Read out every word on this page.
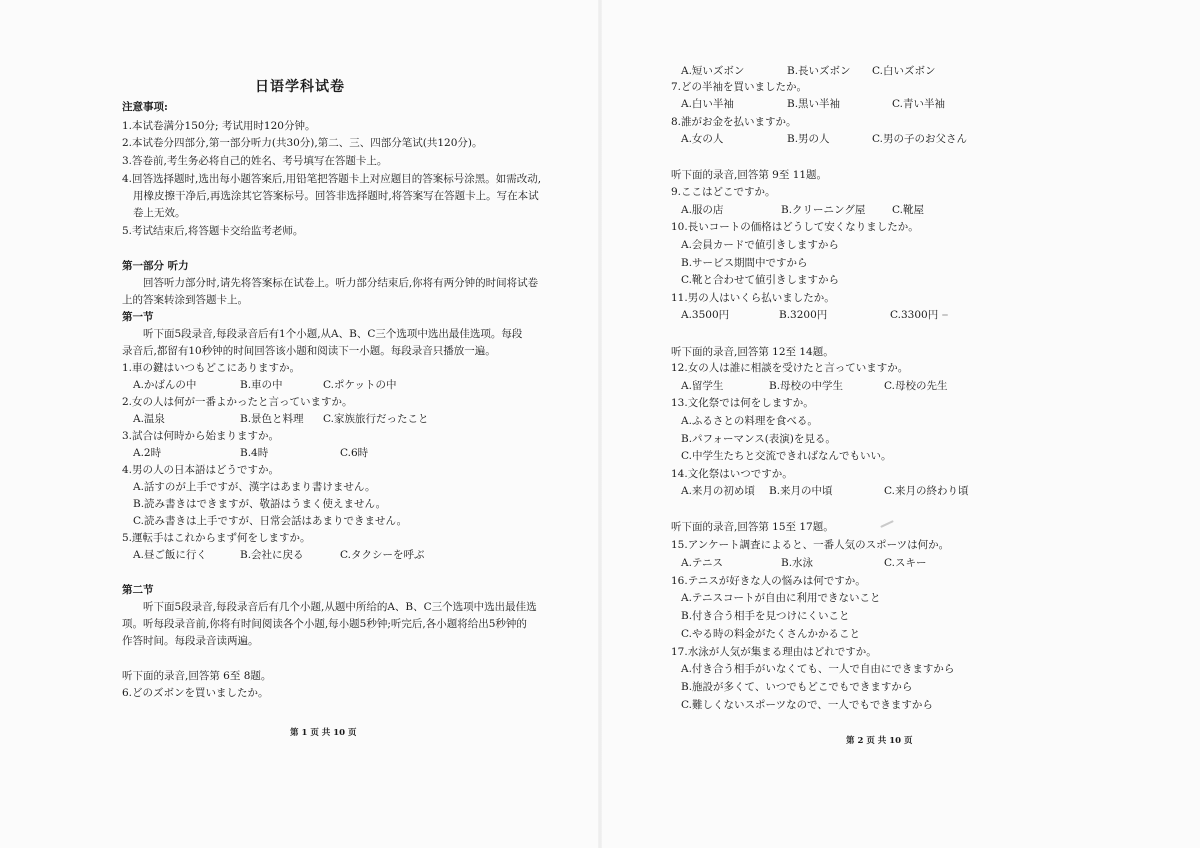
日语学科试卷
注意事项:
1.本试卷满分150分; 考试用时120分钟。
2.本试卷分四部分,第一部分听力(共30分),第二、三、四部分笔试(共120分)。
3.答卷前,考生务必将自己的姓名、考号填写在答题卡上。
4.回答选择题时,选出每小题答案后,用铅笔把答题卡上对应题目的答案标号涂黑。如需改动,
用橡皮擦干净后,再选涂其它答案标号。回答非选择题时,将答案写在答题卡上。写在本试
卷上无效。
5.考试结束后,将答题卡交给监考老师。
第一部分 听力
回答听力部分时,请先将答案标在试卷上。听力部分结束后,你将有两分钟的时间将试卷
上的答案转涂到答题卡上。
第一节
听下面5段录音,每段录音后有1个小题,从A、B、C三个选项中选出最佳选项。每段
录音后,都留有10秒钟的时间回答该小题和阅读下一小题。每段录音只播放一遍。
1.車の鍵はいつもどこにありますか。
A.かばんの中	B.車の中	C.ポケットの中
2.女の人は何が一番よかったと言っていますか。
A.温泉	B.景色と料理 C.家族旅行だったこと
3.試合は何時から始まりますか。
A.2時	B.4時	C.6時
4.男の人の日本語はどうですか。
A.話すのが上手ですが、漢字はあまり書けません。
B.読み書きはできますが、敬語はうまく使えません。
C.読み書きは上手ですが、日常会話はあまりできません。
5.運転手はこれからまず何をしますか。
A.昼ご飯に行く	B.会社に戻る	C.タクシーを呼ぶ
第二节
听下面5段录音,每段录音后有几个小题,从题中所给的A、B、C三个选项中选出最佳选
项。听每段录音前,你将有时间阅读各个小题,每小题5秒钟;听完后,各小题将给出5秒钟的
作答时间。每段录音读两遍。
听下面的录音,回答第 6至 8题。
6.どのズボンを買いましたか。
第 1 页 共 10 页
A.短いズボン	B.長いズボン C.白いズボン
7.どの半袖を買いましたか。
A.白い半袖	B.黒い半袖	C.青い半袖
8.誰がお金を払いますか。
A.女の人	B.男の人	C.男の子のお父さん
听下面的录音,回答第 9至 11题。
9.ここはどこですか。
A.服の店	B.クリーニング屋	C.靴屋
10.長いコートの価格はどうして安くなりましたか。
A.会員カードで値引きしますから
B.サービス期間中ですから
C.靴と合わせて値引きしますから
11.男の人はいくら払いましたか。
A.3500円	B.3200円	C.3300円
听下面的录音,回答第 12至 14题。
12.女の人は誰に相談を受けたと言っていますか。
A.留学生	B.母校の中学生	C.母校の先生
13.文化祭では何をしますか。
A.ふるさとの料理を食べる。
B.パフォーマンス(表演)を見る。
C.中学生たちと交流できればなんでもいい。
14.文化祭はいつですか。
A.来月の初め頃 B.来月の中頃	C.来月の終わり頃
听下面的录音,回答第 15至 17题。
15.アンケート調査によると、一番人気のスポーツは何か。
A.テニス	B.水泳	C.スキー
16.テニスが好きな人の悩みは何ですか。
A.テニスコートが自由に利用できないこと
B.付き合う相手を見つけにくいこと
C.やる時の料金がたくさんかかること
17.水泳が人気が集まる理由はどれですか。
A.付き合う相手がいなくても、一人で自由にできますから
B.施設が多くて、いつでもどこでもできますから
C.難しくないスポーツなので、一人でもできますから
第 2 页 共 10 页
